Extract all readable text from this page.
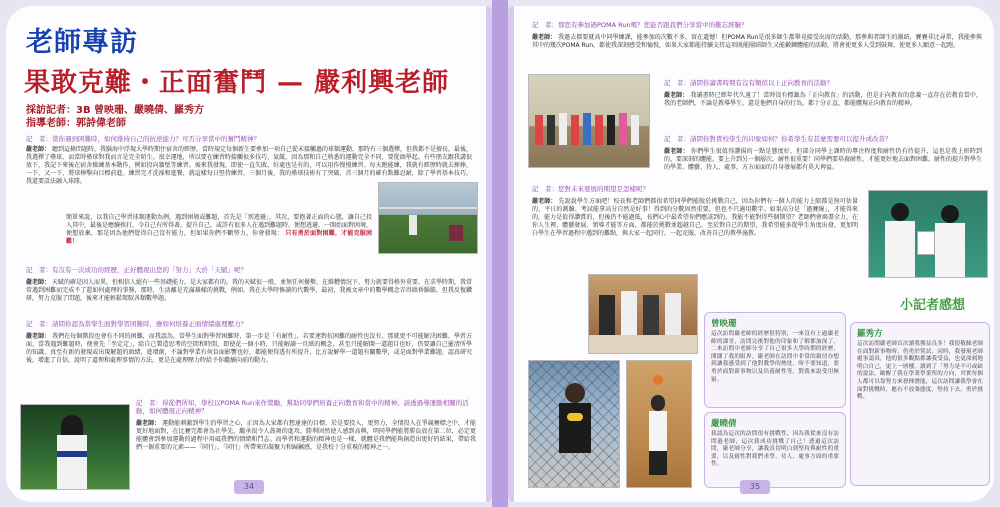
老師專訪
果敢克難・正面奮鬥 — 嚴利興老師
採訪記者：3B 曾映珊、嚴曉倩、羅秀方
指導老師：郭詩偉老師
記　者：當你遇到困難時，如何維持自己的抗逆能力？可否分享當中的奮鬥精神？
嚴老師： 聽到這條問題時，我腦海中浮現大學時期住宿舍的經歷。當時規定每個新生要參加一項自己從未接觸過的球類運動，那時有三個選擇，但我都不是擅長，最後，我選擇了壘球，而當時壘球對我而言是完全陌生。很幸運地，所以要在練習時接觸很多技巧、氣餒，因為那和自己熟悉的運動完全不同，要從頭學起。有些朋友跟我講很放下，我記下來後在宿舍操練基本動作，例如投向牆壁等練習。後來我發現，即使一直失敗，好處也是有的，可以用作慢慢練習。每天跑能練，我就有經歷時就去揮棒，一下、又一下，將球棒擊向目標前進。練習完才洗澡和進餐，就這樣每日堅持練習，三個月後，我的壘球技術有了突破，首三個月的確有點難忍耐，除了學習基本技巧，我還要設法融入球隊。
簡單來說，以我自己學習球類運動為例，遇到困境或難題，首先是「別逃避」，其次，要抱著正面的心態，讓自己投入其中，最後是應續挨打，今自己有所得著，提升自己，或許有很多人在遇到難題時，便想逃避，一開始面對困境，便想放棄，那是因為他們覺得自己沒有能力，但如果你們不斷努力，你會發現： 只有勇於面對困難，才能克服困難！
記　者：有沒有一次成功的經歷，正好體現出您的「努力」大於「天賦」呢？
嚴老師： 天賦的確是因人而異，但相信人絕有一些基礎能力，是大家都有的。我的天賦很一般，並無任何優勢，在維糟情況下，努力就要得格外重要。在求學時期，我常常遇到困難而完成不了還如何處理的事務，那時，生活離是充滿雄樣的挑戰，例如，我在大學時修讀的代數學，最初，我被文章中的數學概念弄得頭昏腦脹，但我反復鑽研，努力克服了問題，後來才能輕鬆駕馭各類數學題。
記　者：請問你認為當學生面對學習困難時，應如何培養正面情緒處理壓力？
嚴老師： 我們在每個階段也會有不同的困難，而我認為，當學生面對學習困難時，第一步是「有耐性」，若要連對抗困難的耐性也沒有，那就更不可能解決困難。學習方面，當我遇到難題時，便會先「坐定定」，給自己製造思考的空間和時間，即使花一個小時，只能解讀一頁紙的概念，甚至只能解開一道題目也好，仍要讓自己靈清所學的知識，真至有新的發現或出現解題的頭緒，進增創，不論對學業有何負面影響也好，都能便得透有所提升，比方說解學一道題有關數學，或是面對學業難題，認真研究後，增進了自信，說明了道理和處理事情的方法，更是在處理壓力時給予你繼續向前的動力。
記　者：得從們所知，學校以POMA Run來作獎勵，幫助同學們培養正向教育和當中的精神。請透過導運動相關的活動，如何體現正向精神？
嚴老師： 運動能刺激到學生的學習之心，正因為大家都有想達達的目標，於是要投入，更努力，全情投入在爭競賽標之中，才能更好地面對，在比賽完都會為社學先，繼承很令人鼓舞的進攻，勝利固然使人感到高興，明同學們能將勝負放在第二位，必定更能體會到參加運動的過程中用砥我們的情緒和鬥志。而學習和運動的精神也是一樣，就體是我們能夠創造出更好的結果，帶給我們一個重要的元素——「同行」、「同行」所帶來的凝聚力和歸屬感，是我校十分重視的精神之一。
34
記　者：那您有參加過POMA Run嗎？您能否跟我們分享當中的難忘經驗？
嚴老師： 我過去都要就高中同學練課，能參加的次數不多，實在遺憾！但POMA Run是很多師生都舉竟接受出席的活動，那參與者師生的團結，賽賽非比尋常，我能參與其中的幾次POMA Run，都使我深刻感受和愉悅，如果大家都能持續支持這項既能團結師生又能鍛鍊體能的活動，將會使更多人受到鼓舞，使更多人願意一起跑。
記　者：請問你讀書時期有沒有類似以上正向教育的活動？
嚴老師： 我讀書時已經年代久遠了！當時沒有標籤為「正向教育」的活動，但是正向教育的意義一直存在於教育當中，我的老師們，不論是教導學生，還是他們自身的行為，都十分正直，都能體現正向教育的精神。
記　者：請問你對貴校學生的印象如何？你希學生有甚麼需要可以提升或改善？
嚴老師： 你們學生很值得讚揚的一點是態度好，但部分同學上課時的專注程度和耐性仍有待提升，這也是我上班時到的，要深刻的體能，要上升到另一個層次，耐性很重要！同學們要培養耐性，才能更好地去面對困難，耐性的提升對學生的學業、體藝、待人、處事，方方面面的自身發展都有莫大裨益。
記　者：您對未來發展的期望是怎樣呢？
嚴老師： 先說說學生方面吧！校長和老師們都很希望同學們能脫於挑戰自己，因為你們有一個人的能力上限都是無可估量的，平日的測驗、考試能拿高分自然是好事！得到的分數固然重要，但也不只適用數字。如果高分是「過賽線」，才能得來的，能力是值得讚賞的，但後仍不能過低，長們心中最希望你們應該到的，我能不能對得些個期望？老師們會竭盡全力，在你人生裡，體藝發展、領導才能等方面，都能於挑戰並超越自己，至於對自己的期望，我希望能多從學生角度出發，更加明白學生在學習過程中遇到的難點，與大家一起同行，一起克服，改善自己的教學施教。
小記者感想
曾映珊
這次訪問嚴老師的經歷很特別，一來沒有上過嚴老師的課堂，訪問完後對他的印象和了解都加深了。二來訪問中老師分享了自己很多大學時期的經歷，開闊了我的眼界。嚴老師在訪問中非常的親切亦想到讓我感受到了他對教學的熱忱，時不要知道，要勇於面對新事物以及培養耐性等，對我來說受用無窮。
羅秀方
這次訪問嚴老師首次讀我獲益良多！我很敬佩老師在面對新事物時，仍勇於嘗試；同時，我發現老師處事認真，他的很多觀點都讓我受益，也更深刻地明白自己，更上一層樓。讀到了「努力是不可或缺的說法，歐醒了我在學業學業所的方向，其實每個人都可以靠努力來發揮潛能，這次訪問讓我學會在面對挑戰時，應有不放棄態度，堅持下去，勇於挑戰。
嚴曉倩
我認為這次的訪問很有挑戰性，因為我從來沒有訪問過老師，這次我成功挑戰了自己！透過這次訪問，嚴老師分享，讓我真切明白到堅持與耐性的重要，以及耐性對我們求學、待人、處事方面的重要性。
35
